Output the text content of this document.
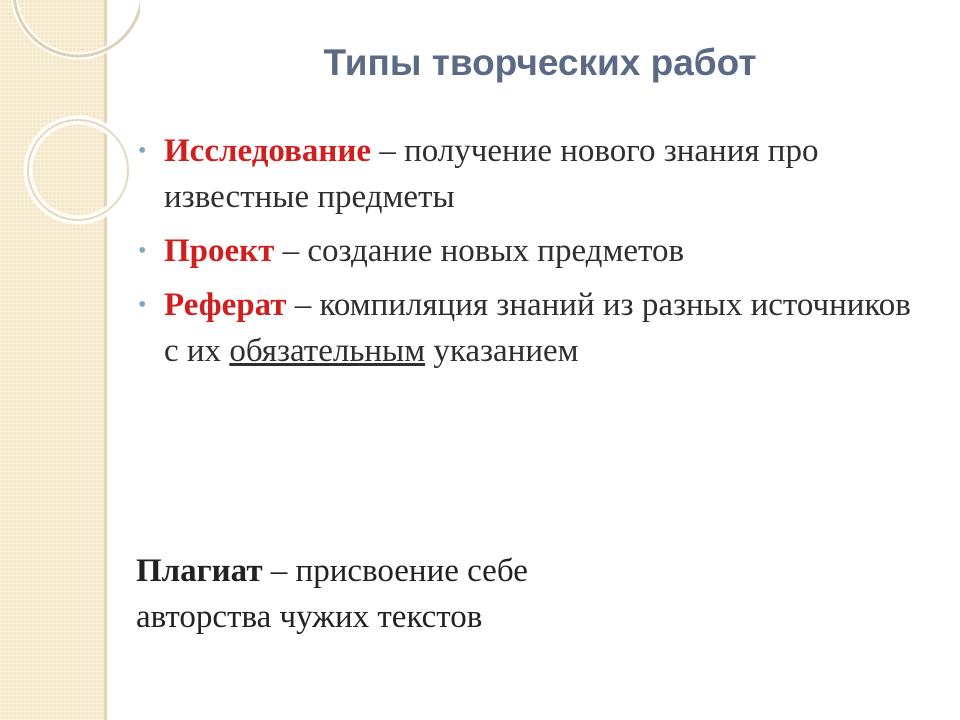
Типы творческих работ
• Исследование – получение нового знания про известные предметы
• Проект – создание новых предметов
• Реферат – компиляция знаний из разных источников с их обязательным указанием
Плагиат – присвоение себе авторства чужих текстов
